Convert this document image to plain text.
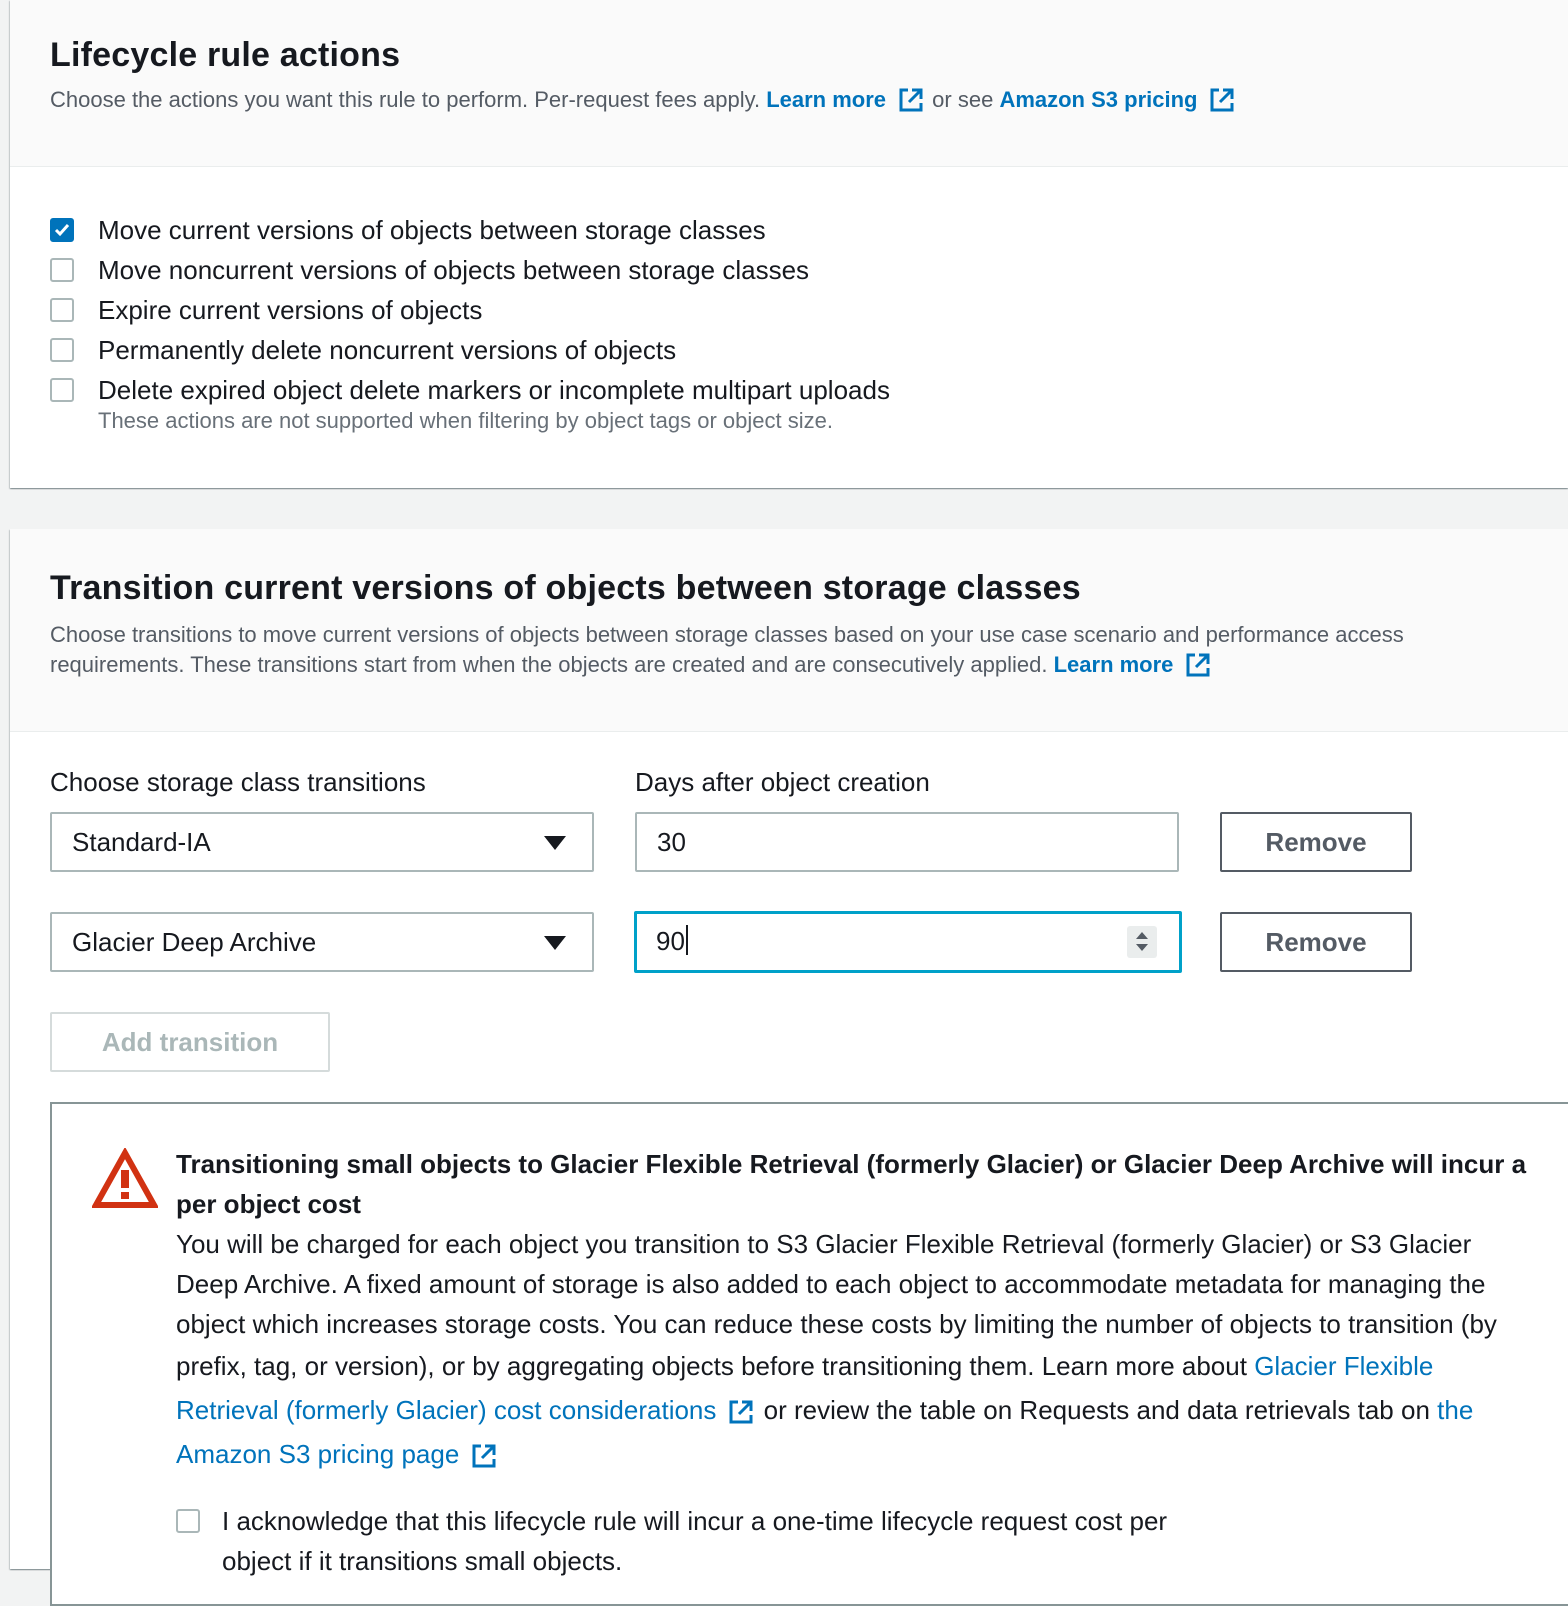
Lifecycle rule actions
Choose the actions you want this rule to perform. Per-request fees apply. Learn more or see Amazon S3 pricing
Move current versions of objects between storage classes
Move noncurrent versions of objects between storage classes
Expire current versions of objects
Permanently delete noncurrent versions of objects
Delete expired object delete markers or incomplete multipart uploads
These actions are not supported when filtering by object tags or object size.
Transition current versions of objects between storage classes
Choose transitions to move current versions of objects between storage classes based on your use case scenario and performance access requirements. These transitions start from when the objects are created and are consecutively applied. Learn more
Choose storage class transitions	Days after object creation
Standard-IA	30	Remove
Glacier Deep Archive	90	Remove
Add transition
Transitioning small objects to Glacier Flexible Retrieval (formerly Glacier) or Glacier Deep Archive will incur a per object cost
You will be charged for each object you transition to S3 Glacier Flexible Retrieval (formerly Glacier) or S3 Glacier Deep Archive. A fixed amount of storage is also added to each object to accommodate metadata for managing the object which increases storage costs. You can reduce these costs by limiting the number of objects to transition (by prefix, tag, or version), or by aggregating objects before transitioning them. Learn more about Glacier Flexible Retrieval (formerly Glacier) cost considerations or review the table on Requests and data retrievals tab on the Amazon S3 pricing page
I acknowledge that this lifecycle rule will incur a one-time lifecycle request cost per object if it transitions small objects.
